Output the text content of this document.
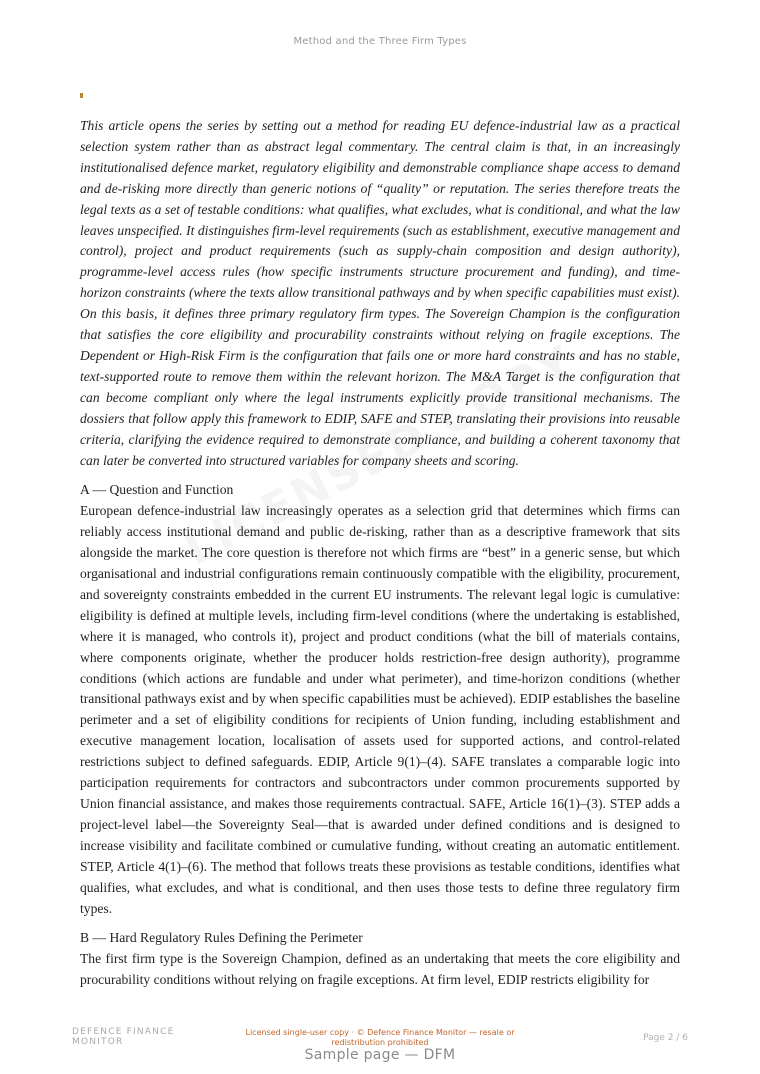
Method and the Three Firm Types

This article opens the series by setting out a method for reading EU defence-industrial law as a practical selection system rather than as abstract legal commentary. The central claim is that, in an increasingly institutionalised defence market, regulatory eligibility and demonstrable compliance shape access to demand and de-risking more directly than generic notions of “quality” or reputation. The series therefore treats the legal texts as a set of testable conditions: what qualifies, what excludes, what is conditional, and what the law leaves unspecified. It distinguishes firm-level requirements (such as establishment, executive management and control), project and product requirements (such as supply-chain composition and design authority), programme-level access rules (how specific instruments structure procurement and funding), and time-horizon constraints (where the texts allow transitional pathways and by when specific capabilities must exist). On this basis, it defines three primary regulatory firm types. The Sovereign Champion is the configuration that satisfies the core eligibility and procurability constraints without relying on fragile exceptions. The Dependent or High-Risk Firm is the configuration that fails one or more hard constraints and has no stable, text-supported route to remove them within the relevant horizon. The M&A Target is the configuration that can become compliant only where the legal instruments explicitly provide transitional mechanisms. The dossiers that follow apply this framework to EDIP, SAFE and STEP, translating their provisions into reusable criteria, clarifying the evidence required to demonstrate compliance, and building a coherent taxonomy that can later be converted into structured variables for company sheets and scoring.

A — Question and Function

European defence-industrial law increasingly operates as a selection grid that determines which firms can reliably access institutional demand and public de-risking, rather than as a descriptive framework that sits alongside the market. The core question is therefore not which firms are “best” in a generic sense, but which organisational and industrial configurations remain continuously compatible with the eligibility, procurement, and sovereignty constraints embedded in the current EU instruments. The relevant legal logic is cumulative: eligibility is defined at multiple levels, including firm-level conditions (where the undertaking is established, where it is managed, who controls it), project and product conditions (what the bill of materials contains, where components originate, whether the producer holds restriction-free design authority), programme conditions (which actions are fundable and under what perimeter), and time-horizon conditions (whether transitional pathways exist and by when specific capabilities must be achieved). EDIP establishes the baseline perimeter and a set of eligibility conditions for recipients of Union funding, including establishment and executive management location, localisation of assets used for supported actions, and control-related restrictions subject to defined safeguards. EDIP, Article 9(1)–(4). SAFE translates a comparable logic into participation requirements for contractors and subcontractors under common procurements supported by Union financial assistance, and makes those requirements contractual. SAFE, Article 16(1)–(3). STEP adds a project-level label—the Sovereignty Seal—that is awarded under defined conditions and is designed to increase visibility and facilitate combined or cumulative funding, without creating an automatic entitlement. STEP, Article 4(1)–(6). The method that follows treats these provisions as testable conditions, identifies what qualifies, what excludes, and what is conditional, and then uses those tests to define three regulatory firm types.

B — Hard Regulatory Rules Defining the Perimeter

The first firm type is the Sovereign Champion, defined as an undertaking that meets the core eligibility and procurability conditions without relying on fragile exceptions. At firm level, EDIP restricts eligibility for

DEFENCE FINANCE
MONITOR
Licensed single-user copy · © Defence Finance Monitor — resale or redistribution prohibited	Page 2 / 6
Sample page — DFM
